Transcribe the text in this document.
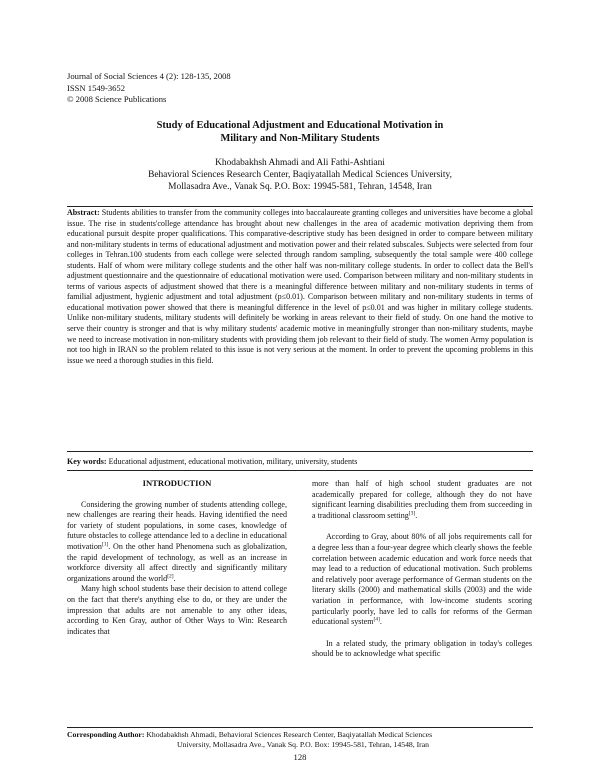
Journal of Social Sciences 4 (2): 128-135, 2008
ISSN 1549-3652
© 2008 Science Publications
Study of Educational Adjustment and Educational Motivation in
Military and Non-Military Students
Khodabakhsh Ahmadi and Ali Fathi-Ashtiani
Behavioral Sciences Research Center, Baqiyatallah Medical Sciences University,
Mollasadra Ave., Vanak Sq. P.O. Box: 19945-581, Tehran, 14548, Iran
Abstract: Students abilities to transfer from the community colleges into baccalaureate granting colleges and universities have become a global issue. The rise in students'college attendance has brought about new challenges in the area of academic motivation depriving them from educational pursuit despite proper qualifications. This comparative-descriptive study has been designed in order to compare between military and non-military students in terms of educational adjustment and motivation power and their related subscales. Subjects were selected from four colleges in Tehran.100 students from each college were selected through random sampling, subsequently the total sample were 400 college students. Half of whom were military college students and the other half was non-military college students. In order to collect data the Bell's adjustment questionnaire and the questionnaire of educational motivation were used. Comparison between military and non-military students in terms of various aspects of adjustment showed that there is a meaningful difference between military and non-military students in terms of familial adjustment, hygienic adjustment and total adjustment (p≤0.01). Comparison between military and non-military students in terms of educational motivation power showed that there is meaningful difference in the level of p≤0.01 and was higher in military college students. Unlike non-military students, military students will definitely be working in areas relevant to their field of study. On one hand the motive to serve their country is stronger and that is why military students' academic motive in meaningfully stronger than non-military students, maybe we need to increase motivation in non-military students with providing them job relevant to their field of study. The women Army population is not too high in IRAN so the problem related to this issue is not very serious at the moment. In order to prevent the upcoming problems in this issue we need a thorough studies in this field.
Key words: Educational adjustment, educational motivation, military, university, students
INTRODUCTION

Considering the growing number of students attending college, new challenges are rearing their heads. Having identified the need for variety of student populations, in some cases, knowledge of future obstacles to college attendance led to a decline in educational motivation[1]. On the other hand Phenomena such as globalization, the rapid development of technology, as well as an increase in workforce diversity all affect directly and significantly military organizations around the world[2].

Many high school students base their decision to attend college on the fact that there's anything else to do, or they are under the impression that adults are not amenable to any other ideas, according to Ken Gray, author of Other Ways to Win: Research indicates that

more than half of high school student graduates are not academically prepared for college, although they do not have significant learning disabilities precluding them from succeeding in a traditional classroom setting[3].

According to Gray, about 80% of all jobs requirements call for a degree less than a four-year degree which clearly shows the feeble correlation between academic education and work force needs that may lead to a reduction of educational motivation. Such problems and relatively poor average performance of German students on the literary skills (2000) and mathematical skills (2003) and the wide variation in performance, with low-income students scoring particularly poorly, have led to calls for reforms of the German educational system[4].

In a related study, the primary obligation in today's colleges should be to acknowledge what specific

Corresponding Author: Khodabakhsh Ahmadi, Behavioral Sciences Research Center, Baqiyatallah Medical Sciences
University, Mollasadra Ave., Vanak Sq. P.O. Box: 19945-581, Tehran, 14548, Iran
128
